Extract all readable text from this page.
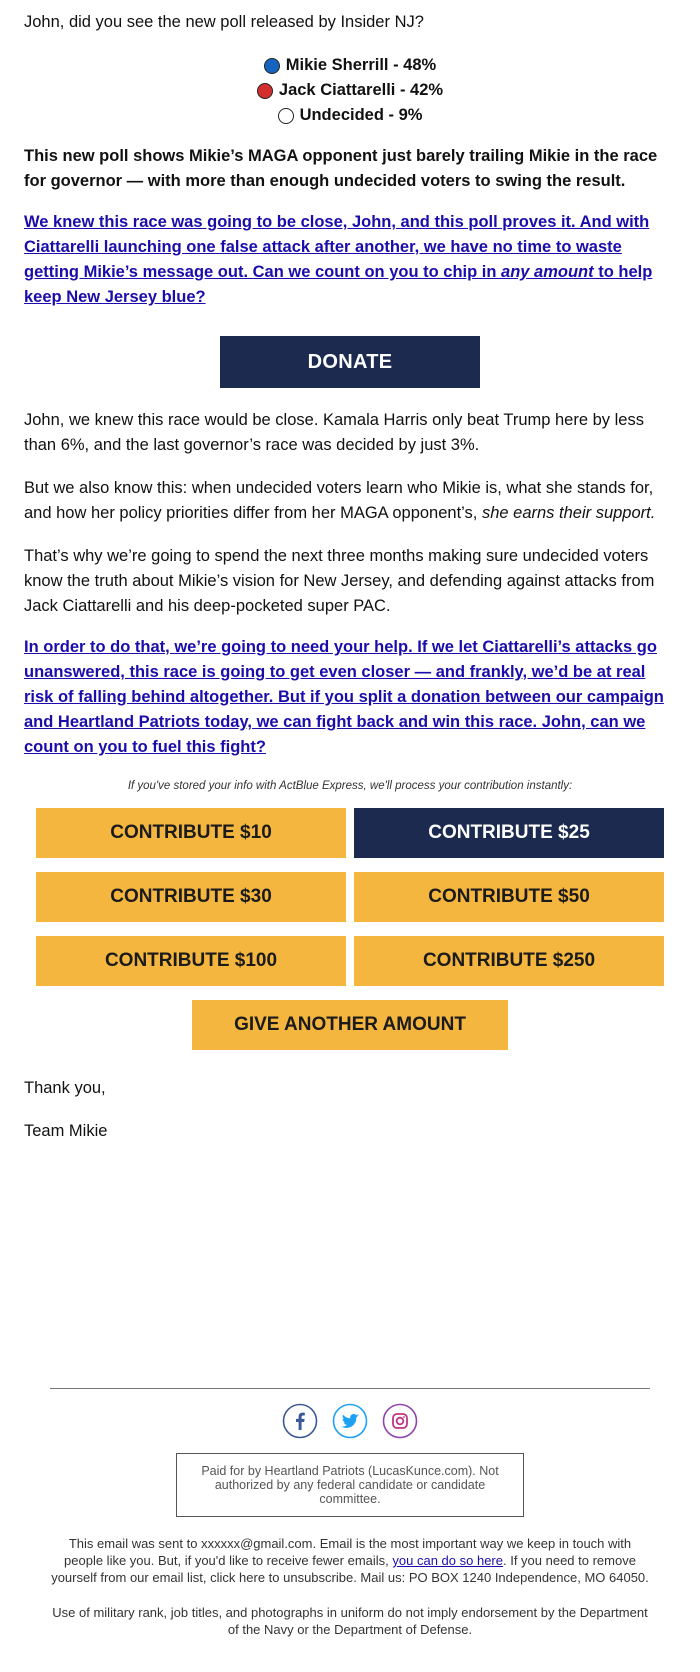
John, did you see the new poll released by Insider NJ?

Mikie Sherrill - 48%
Jack Ciattarelli - 42%
Undecided - 9%

This new poll shows Mikie’s MAGA opponent just barely trailing Mikie in the race for governor — with more than enough undecided voters to swing the result.

We knew this race was going to be close, John, and this poll proves it. And with Ciattarelli launching one false attack after another, we have no time to waste getting Mikie’s message out. Can we count on you to chip in any amount to help keep New Jersey blue?

DONATE

John, we knew this race would be close. Kamala Harris only beat Trump here by less than 6%, and the last governor’s race was decided by just 3%.

But we also know this: when undecided voters learn who Mikie is, what she stands for, and how her policy priorities differ from her MAGA opponent’s, she earns their support.

That’s why we’re going to spend the next three months making sure undecided voters know the truth about Mikie’s vision for New Jersey, and defending against attacks from Jack Ciattarelli and his deep-pocketed super PAC.

In order to do that, we’re going to need your help. If we let Ciattarelli’s attacks go unanswered, this race is going to get even closer — and frankly, we’d be at real risk of falling behind altogether. But if you split a donation between our campaign and Heartland Patriots today, we can fight back and win this race. John, can we count on you to fuel this fight?

If you've stored your info with ActBlue Express, we'll process your contribution instantly:

CONTRIBUTE $10	CONTRIBUTE $25
CONTRIBUTE $30	CONTRIBUTE $50
CONTRIBUTE $100	CONTRIBUTE $250
GIVE ANOTHER AMOUNT

Thank you,

Team Mikie

Paid for by Heartland Patriots (LucasKunce.com). Not authorized by any federal candidate or candidate committee.

This email was sent to xxxxxx@gmail.com. Email is the most important way we keep in touch with people like you. But, if you'd like to receive fewer emails, you can do so here. If you need to remove yourself from our email list, click here to unsubscribe. Mail us: PO BOX 1240 Independence, MO 64050.

Use of military rank, job titles, and photographs in uniform do not imply endorsement by the Department of the Navy or the Department of Defense.
